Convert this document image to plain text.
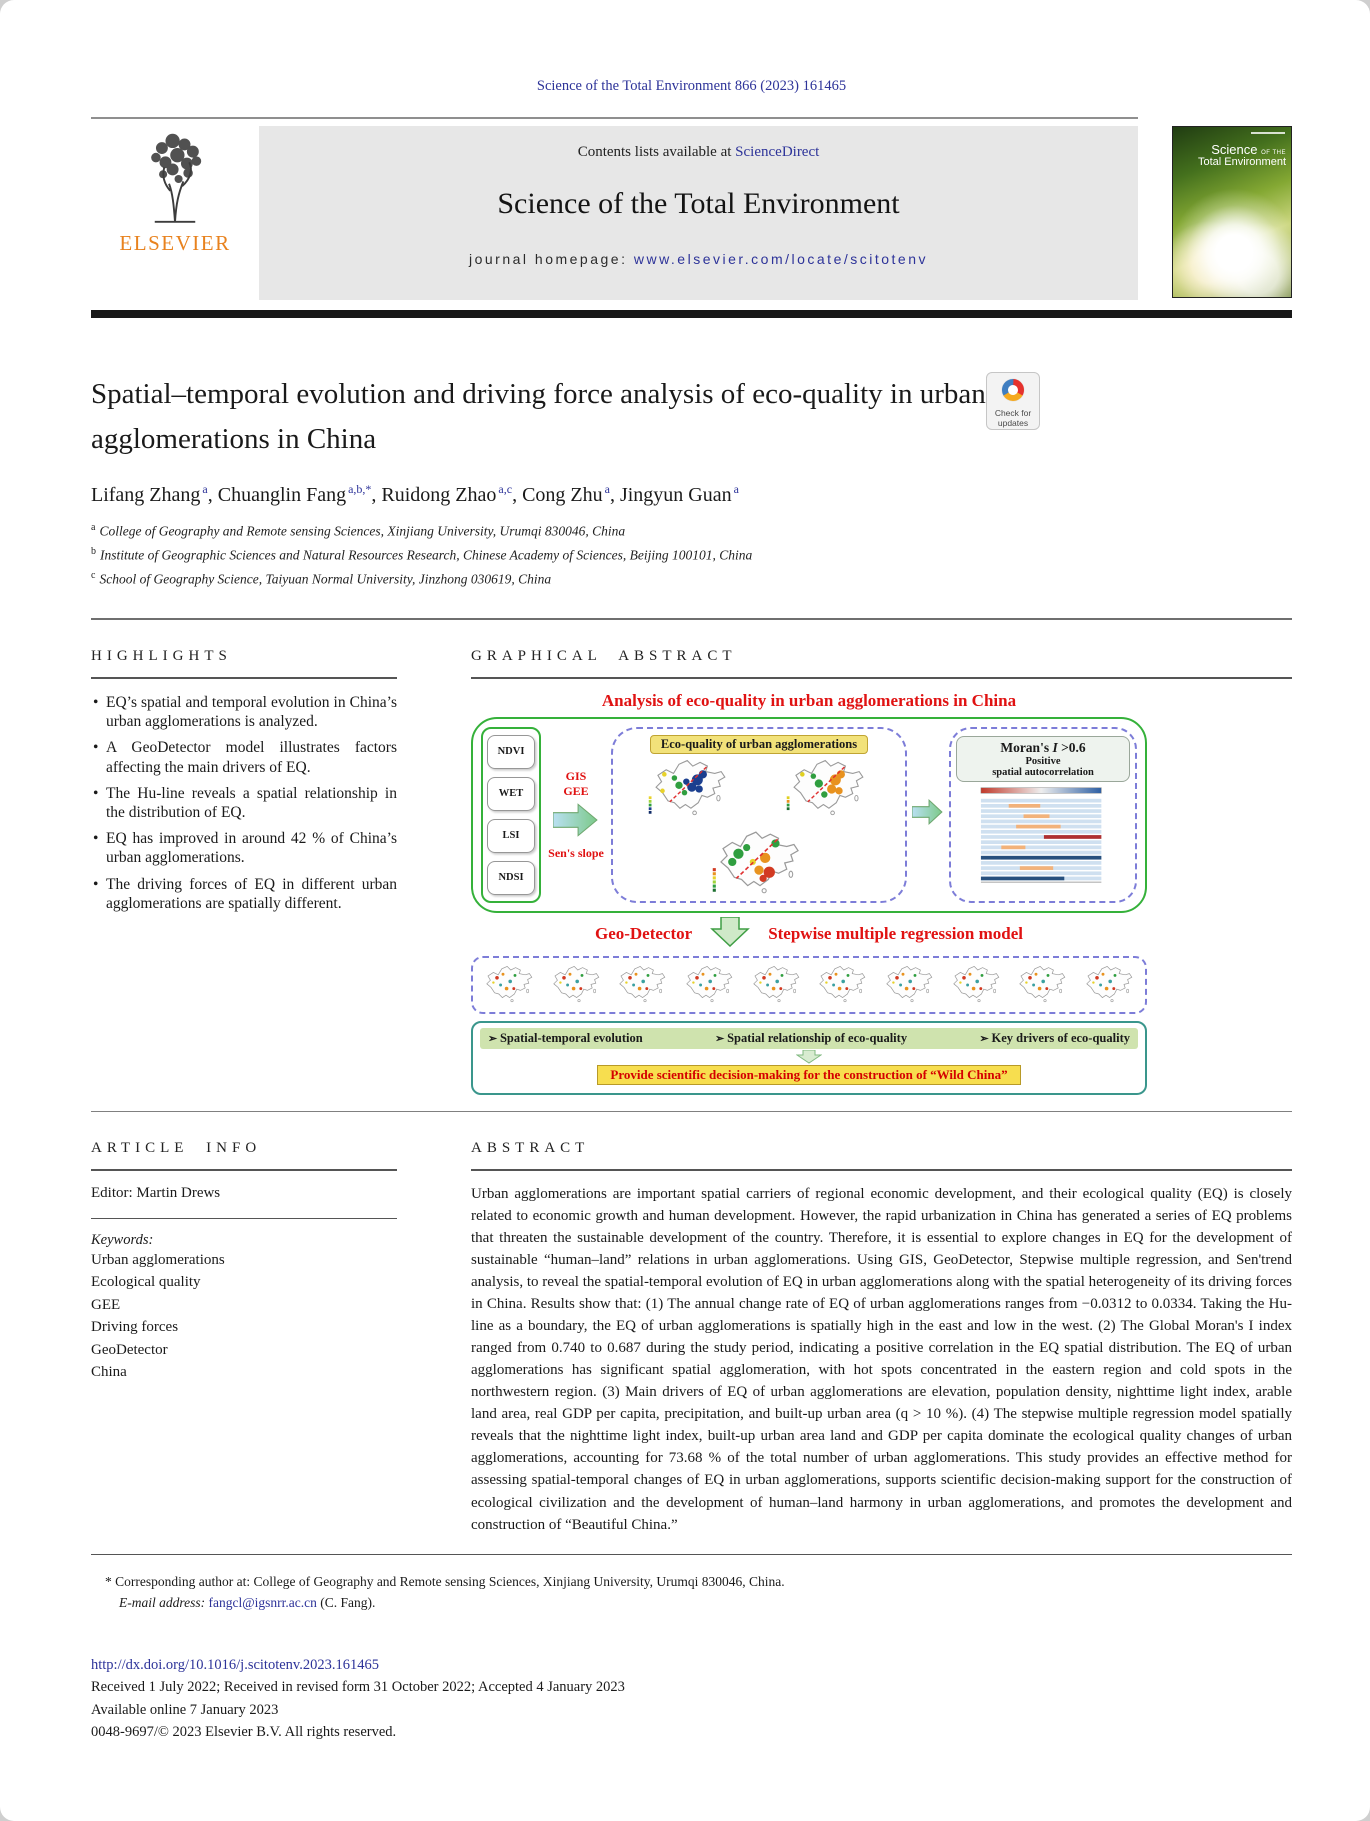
Science of the Total Environment 866 (2023) 161465
ELSEVIER
Contents lists available at ScienceDirect
Science of the Total Environment
journal homepage: www.elsevier.com/locate/scitotenv
Science OF THE
Total Environment
Spatial–temporal evolution and driving force analysis of eco-quality in urban
agglomerations in China
Check for updates
Lifang Zhang $^a$ , Chuanglin Fang $^{a,b,*}$ , Ruidong Zhao $^{a,c}$ , Cong Zhu $^a$ , Jingyun Guan $^a$
$^a$ College of Geography and Remote sensing Sciences, Xinjiang University, Urumqi 830046, China
$^b$ Institute of Geographic Sciences and Natural Resources Research, Chinese Academy of Sciences, Beijing 100101, China
$^c$ School of Geography Science, Taiyuan Normal University, Jinzhong 030619, China
HIGHLIGHTS
• EQ’s spatial and temporal evolution in China’s urban agglomerations is analyzed.
• A GeoDetector model illustrates factors affecting the main drivers of EQ.
• The Hu-line reveals a spatial relationship in the distribution of EQ.
• EQ has improved in around 42 % of China’s urban agglomerations.
• The driving forces of EQ in different urban agglomerations are spatially different.
GRAPHICAL ABSTRACT
Analysis of eco-quality in urban agglomerations in China
NDVI
WET
LSI
NDSI
GIS
GEE
Sen's slope
Eco-quality of urban agglomerations	Moran's I >0.6
Positive
spatial autocorrelation
Geo-Detector	Stepwise multiple regression model
➢ Spatial-temporal evolution	➢ Spatial relationship of eco-quality	➢ Key drivers of eco-quality
Provide scientific decision-making for the construction of “Wild China”
ARTICLE INFO
Editor: Martin Drews
Keywords:
Urban agglomerations
Ecological quality
GEE
Driving forces
GeoDetector
China
ABSTRACT

Urban agglomerations are important spatial carriers of regional economic development, and their ecological quality (EQ) is closely related to economic growth and human development. However, the rapid urbanization in China has generated a series of EQ problems that threaten the sustainable development of the country. Therefore, it is essential to explore changes in EQ for the development of sustainable “human–land” relations in urban agglomerations. Using GIS, GeoDetector, Stepwise multiple regression, and Sen'trend analysis, to reveal the spatial-temporal evolution of EQ in urban agglomerations along with the spatial heterogeneity of its driving forces in China. Results show that: (1) The annual change rate of EQ of urban agglomerations ranges from −0.0312 to 0.0334. Taking the Hu-line as a boundary, the EQ of urban agglomerations is spatially high in the east and low in the west. (2) The Global Moran's I index ranged from 0.740 to 0.687 during the study period, indicating a positive correlation in the EQ spatial distribution. The EQ of urban agglomerations has significant spatial agglomeration, with hot spots concentrated in the eastern region and cold spots in the northwestern region. (3) Main drivers of EQ of urban agglomerations are elevation, population density, nighttime light index, arable land area, real GDP per capita, precipitation, and built-up urban area (q > 10 %). (4) The stepwise multiple regression model spatially reveals that the nighttime light index, built-up urban area land and GDP per capita dominate the ecological quality changes of urban agglomerations, accounting for 73.68 % of the total number of urban agglomerations. This study provides an effective method for assessing spatial-temporal changes of EQ in urban agglomerations, supports scientific decision-making support for the construction of ecological civilization and the development of human–land harmony in urban agglomerations, and promotes the development and construction of “Beautiful China.”

* Corresponding author at: College of Geography and Remote sensing Sciences, Xinjiang University, Urumqi 830046, China.
E-mail address: fangcl@igsnrr.ac.cn (C. Fang).
http://dx.doi.org/10.1016/j.scitotenv.2023.161465
Received 1 July 2022; Received in revised form 31 October 2022; Accepted 4 January 2023
Available online 7 January 2023
0048-9697/© 2023 Elsevier B.V. All rights reserved.
